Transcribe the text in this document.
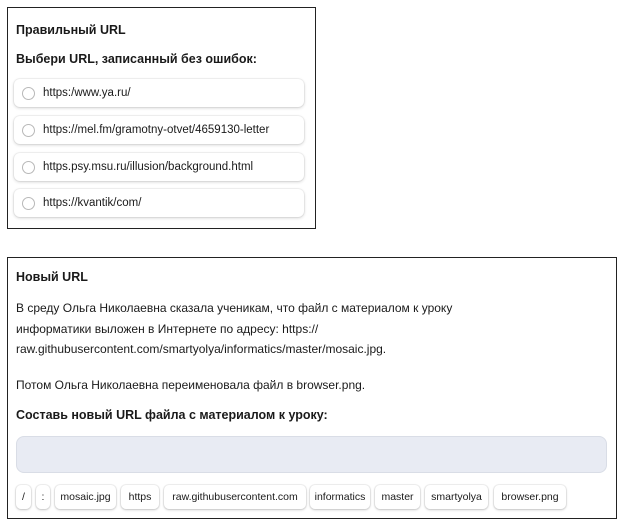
Правильный URL
Выбери URL, записанный без ошибок:
https:/www.ya.ru/
https://mel.fm/gramotny-otvet/4659130-letter
https.psy.msu.ru/illusion/background.html
https://kvantik/com/
Новый URL
В среду Ольга Николаевна сказала ученикам, что файл с материалом к уроку
информатики выложен в Интернете по адресу: https://
raw.githubusercontent.com/smartyolya/informatics/master/mosaic.jpg.
Потом Ольга Николаевна переименовала файл в browser.png.
Составь новый URL файла с материалом к уроку:
/	:	mosaic.jpg	https	raw.githubusercontent.com	informatics	master	smartyolya	browser.png
